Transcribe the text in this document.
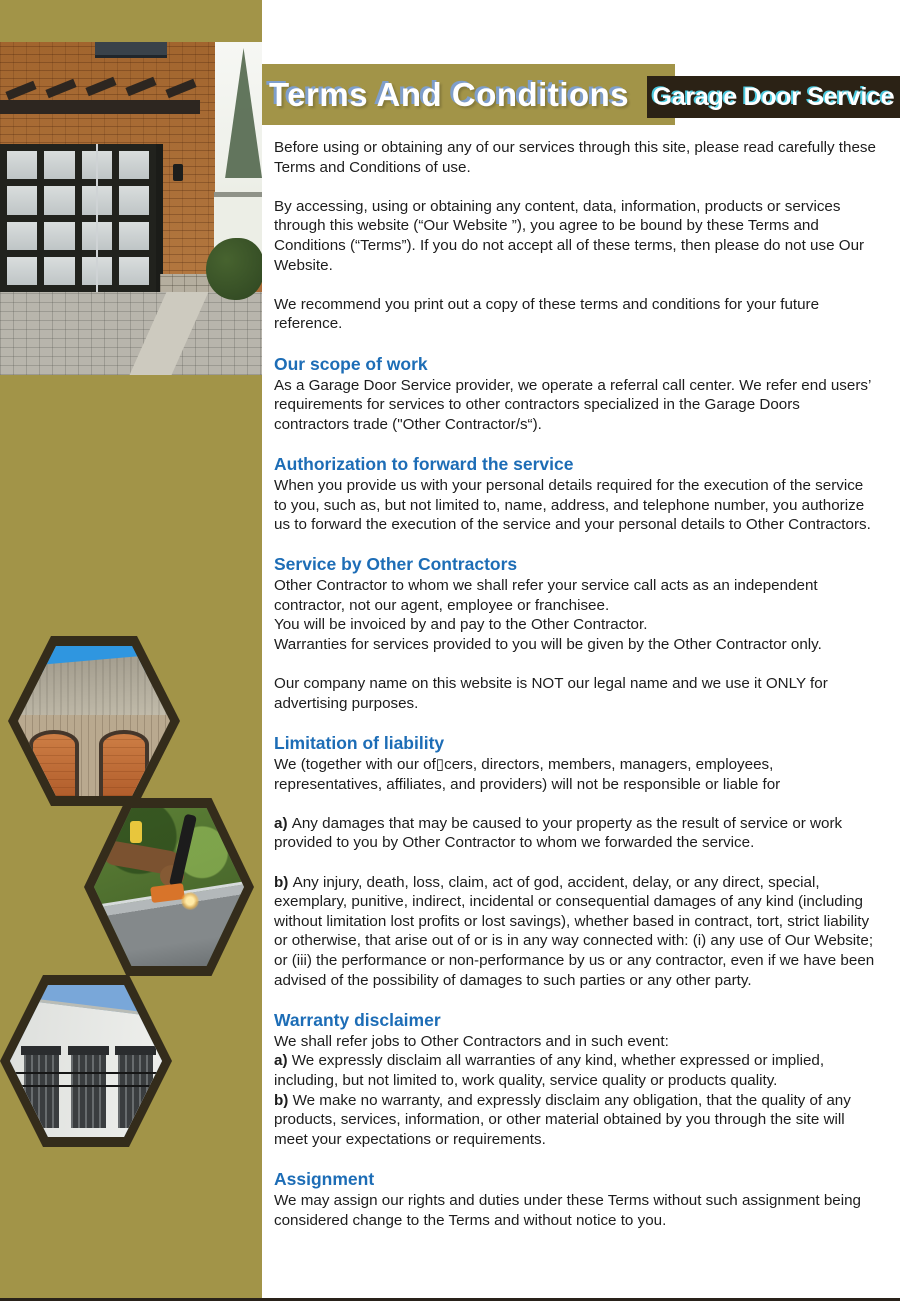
Terms And Conditions Garage Door Service

Before using or obtaining any of our services through this site, please read carefully these Terms and Conditions of use.

By accessing, using or obtaining any content, data, information, products or services through this website (“Our Website ”), you agree to be bound by these Terms and Conditions (“Terms”). If you do not accept all of these terms, then please do not use Our Website.

We recommend you print out a copy of these terms and conditions for your future reference.

Our scope of work

As a Garage Door Service provider, we operate a referral call center. We refer end users’ requirements for services to other contractors specialized in the Garage Doors contractors trade ("Other Contractor/s“).

Authorization to forward the service

When you provide us with your personal details required for the execution of the service to you, such as, but not limited to, name, address, and telephone number, you authorize us to forward the execution of the service and your personal details to Other Contractors.

Service by Other Contractors

Other Contractor to whom we shall refer your service call acts as an independent contractor, not our agent, employee or franchisee.

You will be invoiced by and pay to the Other Contractor.

Warranties for services provided to you will be given by the Other Contractor only.

Our company name on this website is NOT our legal name and we use it ONLY for advertising purposes.

Limitation of liability

We (together with our of▯cers, directors, members, managers, employees, representatives, affiliates, and providers) will not be responsible or liable for

a) Any damages that may be caused to your property as the result of service or work provided to you by Other Contractor to whom we forwarded the service.

b) Any injury, death, loss, claim, act of god, accident, delay, or any direct, special, exemplary, punitive, indirect, incidental or consequential damages of any kind (including without limitation lost profits or lost savings), whether based in contract, tort, strict liability or otherwise, that arise out of or is in any way connected with: (i) any use of Our Website; or (iii) the performance or non-performance by us or any contractor, even if we have been advised of the possibility of damages to such parties or any other party.

Warranty disclaimer

We shall refer jobs to Other Contractors and in such event:

a) We expressly disclaim all warranties of any kind, whether expressed or implied, including, but not limited to, work quality, service quality or products quality.

b) We make no warranty, and expressly disclaim any obligation, that the quality of any products, services, information, or other material obtained by you through the site will meet your expectations or requirements.

Assignment

We may assign our rights and duties under these Terms without such assignment being considered change to the Terms and without notice to you.
